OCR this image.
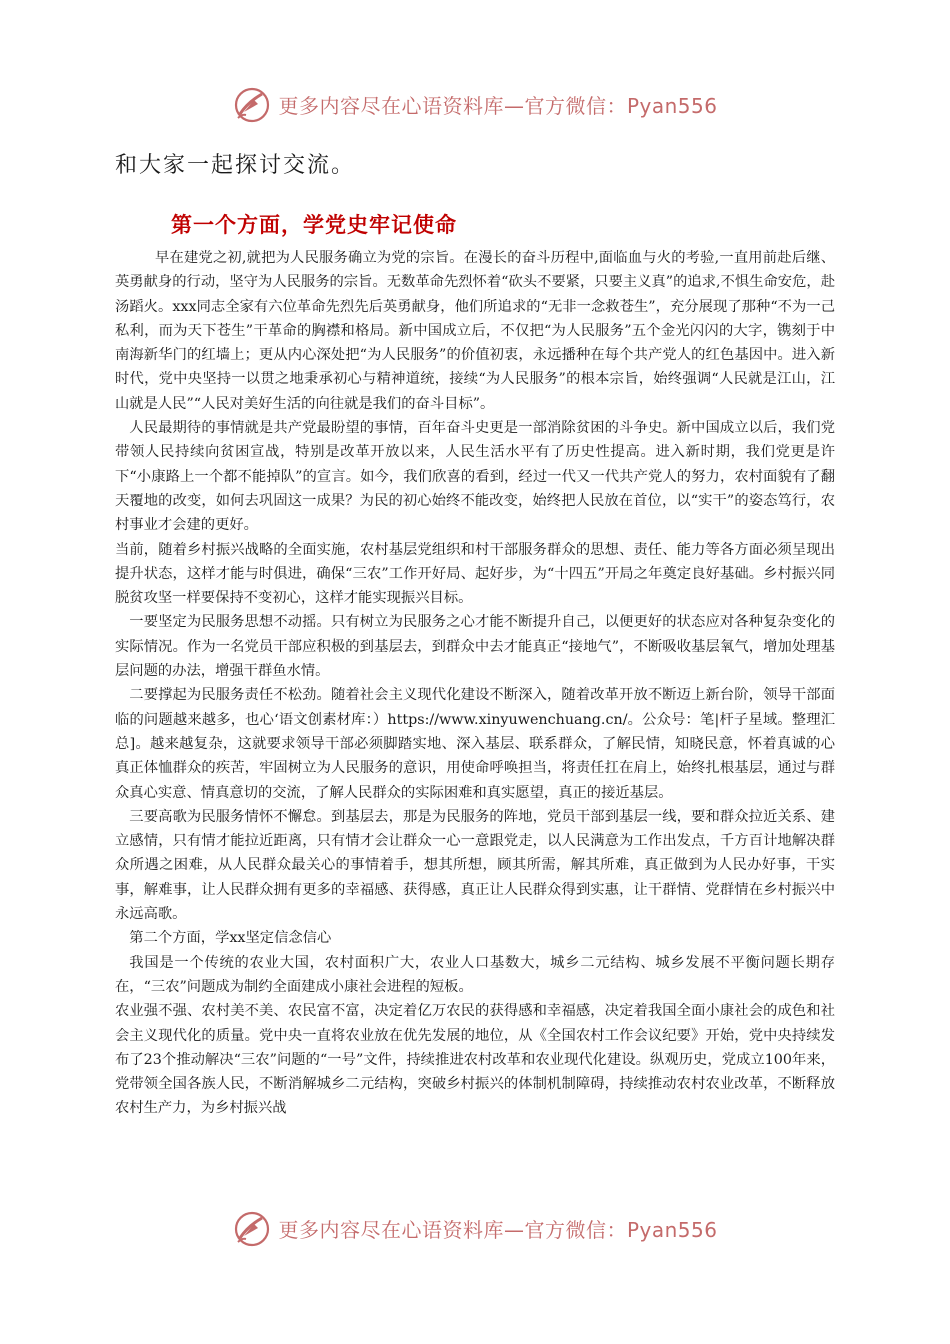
更多内容尽在心语资料库—官方微信：Pyan556

和大家一起探讨交流。

第一个方面，学党史牢记使命

早在建党之初,就把为人民服务确立为党的宗旨。在漫长的奋斗历程中,面临血与火的考验,一直用前赴后继、英勇献身的行动，坚守为人民服务的宗旨。无数革命先烈怀着“砍头不要紧，只要主义真”的追求,不惧生命安危，赴汤蹈火。xxx同志全家有六位革命先烈先后英勇献身，他们所追求的“无非一念救苍生”，充分展现了那种“不为一己私利，而为天下苍生”干革命的胸襟和格局。新中国成立后，不仅把“为人民服务”五个金光闪闪的大字，镌刻于中南海新华门的红墙上；更从内心深处把“为人民服务”的价值初衷，永远播种在每个共产党人的红色基因中。进入新时代，党中央坚持一以贯之地秉承初心与精神道统，接续“为人民服务”的根本宗旨，始终强调“人民就是江山，江山就是人民”“人民对美好生活的向往就是我们的奋斗目标”。

人民最期待的事情就是共产党最盼望的事情，百年奋斗史更是一部消除贫困的斗争史。新中国成立以后，我们党带领人民持续向贫困宣战，特别是改革开放以来，人民生活水平有了历史性提高。进入新时期，我们党更是许下“小康路上一个都不能掉队”的宣言。如今，我们欣喜的看到，经过一代又一代共产党人的努力，农村面貌有了翻天覆地的改变，如何去巩固这一成果？为民的初心始终不能改变，始终把人民放在首位，以“实干”的姿态笃行，农村事业才会建的更好。

当前，随着乡村振兴战略的全面实施，农村基层党组织和村干部服务群众的思想、责任、能力等各方面必须呈现出提升状态，这样才能与时俱进，确保“三农”工作开好局、起好步，为“十四五”开局之年奠定良好基础。乡村振兴同脱贫攻坚一样要保持不变初心，这样才能实现振兴目标。

一要坚定为民服务思想不动摇。只有树立为民服务之心才能不断提升自己，以便更好的状态应对各种复杂变化的实际情况。作为一名党员干部应积极的到基层去，到群众中去才能真正“接地气”，不断吸收基层氧气，增加处理基层问题的办法，增强干群鱼水情。

二要撑起为民服务责任不松劲。随着社会主义现代化建设不断深入，随着改革开放不断迈上新台阶，领导干部面临的问题越来越多，也心‘语文创素材库：）https://www.xinyuwenchuang.cn/。公众号：笔|杆子星域。整理汇总]。越来越复杂，这就要求领导干部必须脚踏实地、深入基层、联系群众，了解民情，知晓民意，怀着真诚的心真正体恤群众的疾苦，牢固树立为人民服务的意识，用使命呼唤担当，将责任扛在肩上，始终扎根基层，通过与群众真心实意、情真意切的交流，了解人民群众的实际困难和真实愿望，真正的接近基层。

三要高歌为民服务情怀不懈怠。到基层去，那是为民服务的阵地，党员干部到基层一线，要和群众拉近关系、建立感情，只有情才能拉近距离，只有情才会让群众一心一意跟党走，以人民满意为工作出发点，千方百计地解决群众所遇之困难，从人民群众最关心的事情着手，想其所想，顾其所需，解其所难，真正做到为人民办好事，干实事，解难事，让人民群众拥有更多的幸福感、获得感，真正让人民群众得到实惠，让干群情、党群情在乡村振兴中永远高歌。

第二个方面，学xx坚定信念信心

我国是一个传统的农业大国，农村面积广大，农业人口基数大，城乡二元结构、城乡发展不平衡问题长期存在，“三农”问题成为制约全面建成小康社会进程的短板。

农业强不强、农村美不美、农民富不富，决定着亿万农民的获得感和幸福感，决定着我国全面小康社会的成色和社会主义现代化的质量。党中央一直将农业放在优先发展的地位，从《全国农村工作会议纪要》开始，党中央持续发布了23个推动解决“三农”问题的“一号”文件，持续推进农村改革和农业现代化建设。纵观历史，党成立100年来，党带领全国各族人民，不断消解城乡二元结构，突破乡村振兴的体制机制障碍，持续推动农村农业改革，不断释放农村生产力，为乡村振兴战

更多内容尽在心语资料库—官方微信：Pyan556
